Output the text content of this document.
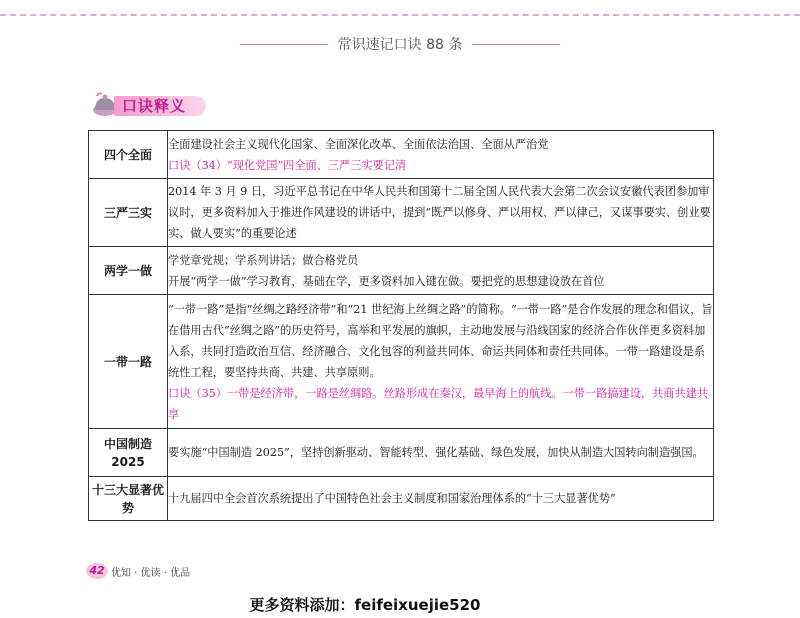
常识速记口诀 88 条
口诀释义
四个全面	全面建设社会主义现代化国家、全面深化改革、全面依法治国、全面从严治党
口诀（34）“现化党国”四全面、三严三实要记清

三严三实	2014 年 3 月 9 日，习近平总书记在中华人民共和国第十二届全国人民代表大会第二次会议安徽代表团参加审议时，更多资料加入于推进作风建设的讲话中，提到“既严以修身、严以用权、严以律己，又谋事要实、创业要实、做人要实”的重要论述

两学一做	学党章党规；学系列讲话；做合格党员
开展“两学一做”学习教育，基础在学，更多资料加入键在做。要把党的思想建设放在首位

一带一路	“一带一路”是指“丝绸之路经济带”和“21 世纪海上丝绸之路”的简称。“一带一路”是合作发展的理念和倡议，旨在借用古代“丝绸之路”的历史符号，高举和平发展的旗帜，主动地发展与沿线国家的经济合作伙伴更多资料加入系，共同打造政治互信、经济融合、文化包容的利益共同体、命运共同体和责任共同体。一带一路建设是系统性工程，要坚持共商、共建、共享原则。
口诀（35）一带是经济带，一路是丝绸路。丝路形成在秦汉，最早海上的航线。一带一路搞建设，共商共建共享

中国制造 2025	要实施“中国制造 2025”，坚持创新驱动、智能转型、强化基础、绿色发展，加快从制造大国转向制造强国。

十三大显著优势	十九届四中全会首次系统提出了中国特色社会主义制度和国家治理体系的“十三大显著优势”
42 优知 · 优读 · 优品
更多资料添加：feifeixuejie520
